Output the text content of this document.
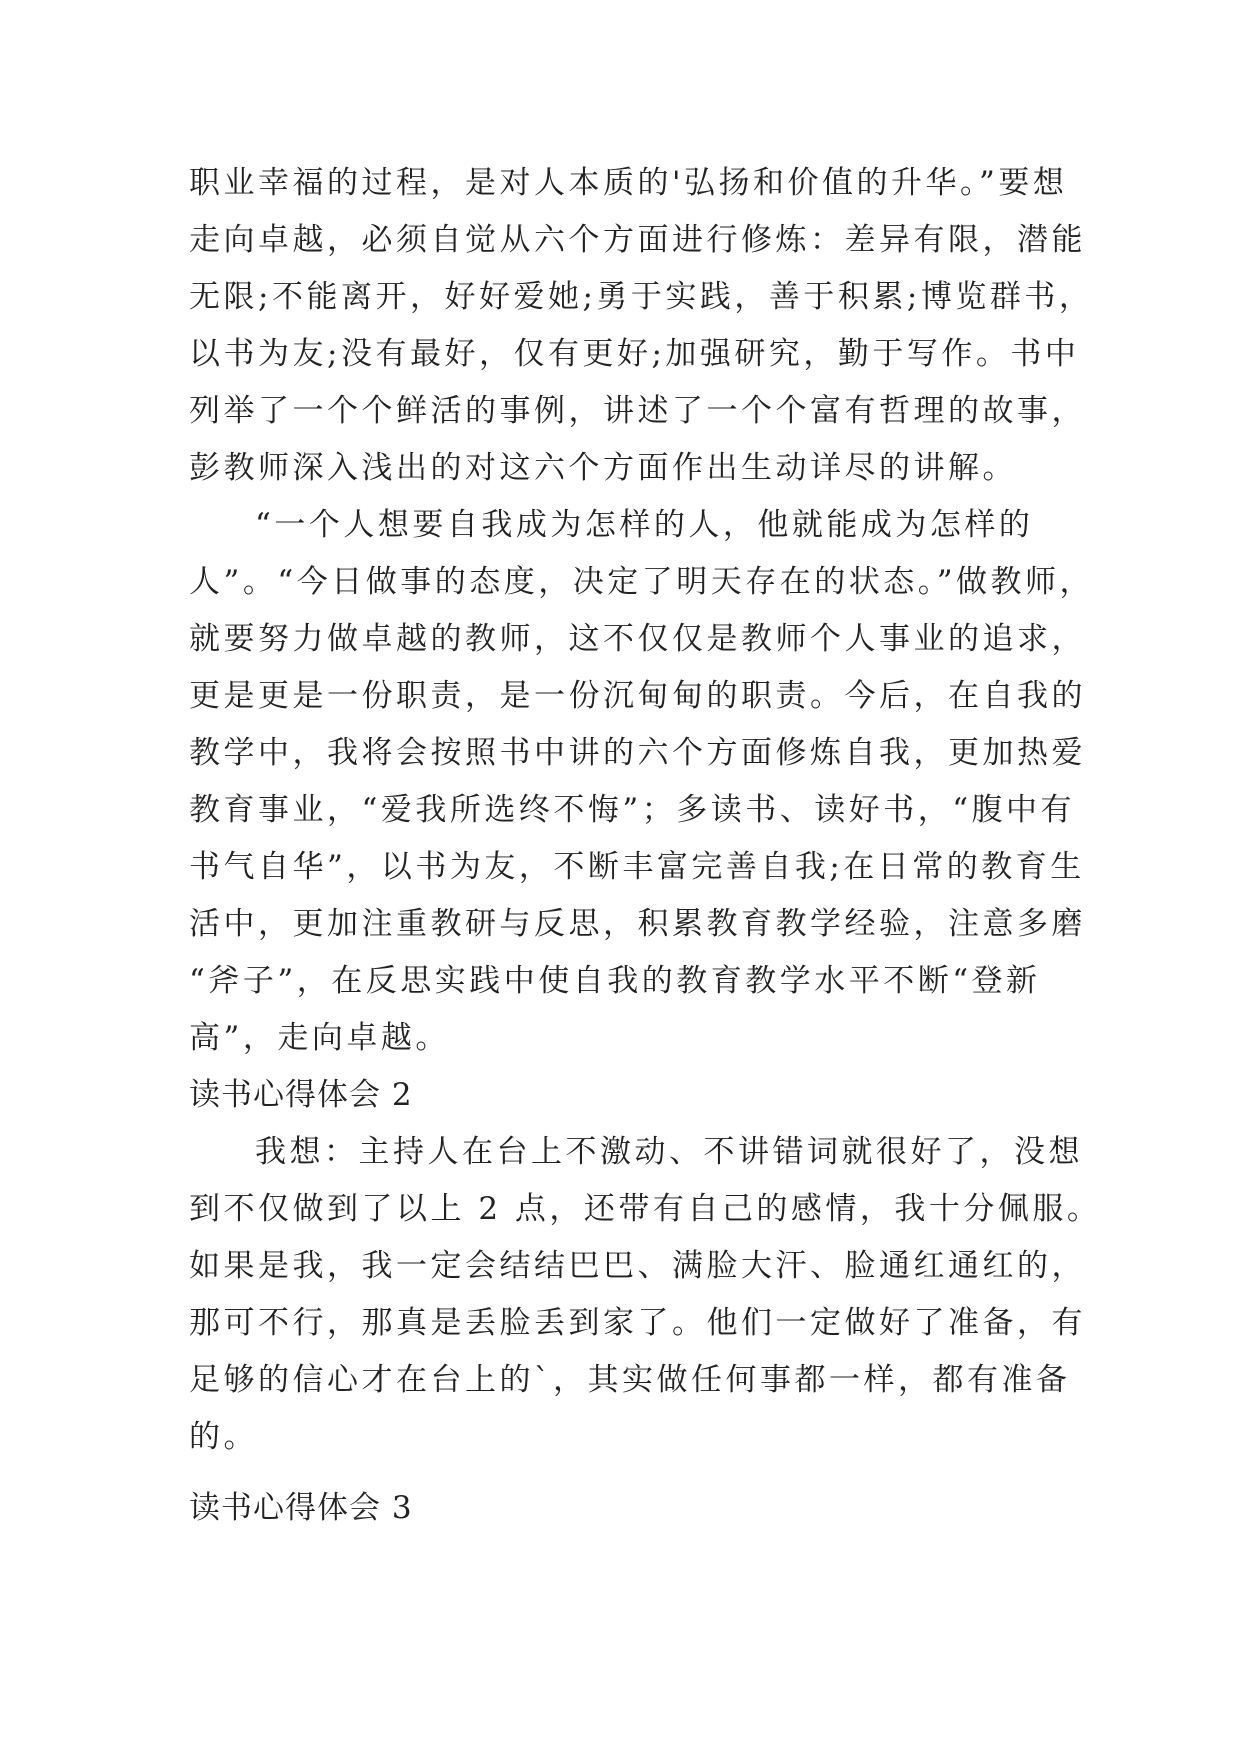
职业幸福的过程，是对人本质的'弘扬和价值的升华。”要想
走向卓越，必须自觉从六个方面进行修炼：差异有限，潜能
无限;不能离开，好好爱她;勇于实践，善于积累;博览群书，
以书为友;没有最好，仅有更好;加强研究，勤于写作。书中
列举了一个个鲜活的事例，讲述了一个个富有哲理的故事，
彭教师深入浅出的对这六个方面作出生动详尽的讲解。
“一个人想要自我成为怎样的人，他就能成为怎样的
人”。“今日做事的态度，决定了明天存在的状态。”做教师，
就要努力做卓越的教师，这不仅仅是教师个人事业的追求，
更是更是一份职责，是一份沉甸甸的职责。今后，在自我的
教学中，我将会按照书中讲的六个方面修炼自我，更加热爱
教育事业，“爱我所选终不悔”；多读书、读好书，“腹中有
书气自华”，以书为友，不断丰富完善自我;在日常的教育生
活中，更加注重教研与反思，积累教育教学经验，注意多磨
“斧子”，在反思实践中使自我的教育教学水平不断“登新
高”，走向卓越。
读书心得体会 2
我想：主持人在台上不激动、不讲错词就很好了，没想
到不仅做到了以上 2 点，还带有自己的感情，我十分佩服。
如果是我，我一定会结结巴巴、满脸大汗、脸通红通红的，
那可不行，那真是丢脸丢到家了。他们一定做好了准备，有
足够的信心才在台上的`，其实做任何事都一样，都有准备
的。
读书心得体会 3
